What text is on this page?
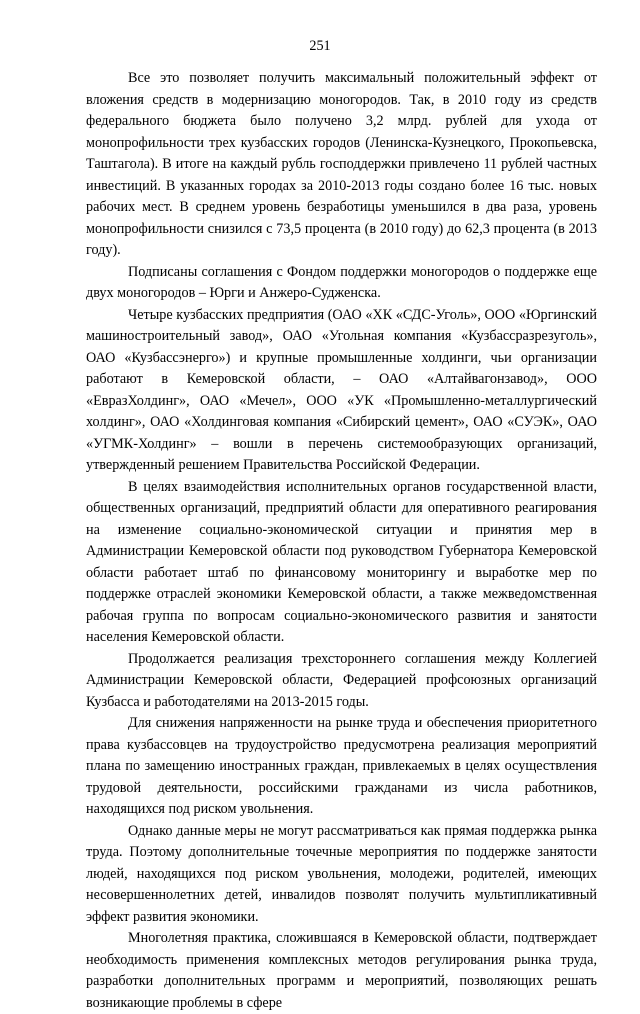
251

Все это позволяет получить максимальный положительный эффект от вложения средств в модернизацию моногородов. Так, в 2010 году из средств федерального бюджета было получено 3,2 млрд. рублей для ухода от монопрофильности трех кузбасских городов (Ленинска-Кузнецкого, Прокопьевска, Таштагола). В итоге на каждый рубль господдержки привлечено 11 рублей частных инвестиций. В указанных городах за 2010-2013 годы создано более 16 тыс. новых рабочих мест. В среднем уровень безработицы уменьшился в два раза, уровень монопрофильности снизился с 73,5 процента (в 2010 году) до 62,3 процента (в 2013 году).

Подписаны соглашения с Фондом поддержки моногородов о поддержке еще двух моногородов – Юрги и Анжеро-Судженска.

Четыре кузбасских предприятия (ОАО «ХК «СДС-Уголь», ООО «Юргинский машиностроительный завод», ОАО «Угольная компания «Кузбассразрезуголь», ОАО «Кузбассэнерго») и крупные промышленные холдинги, чьи организации работают в Кемеровской области, – ОАО «Алтайвагонзавод», ООО «ЕвразХолдинг», ОАО «Мечел», ООО «УК «Промышленно-металлургический холдинг», ОАО «Холдинговая компания «Сибирский цемент», ОАО «СУЭК», ОАО «УГМК-Холдинг» – вошли в перечень системообразующих организаций, утвержденный решением Правительства Российской Федерации.

В целях взаимодействия исполнительных органов государственной власти, общественных организаций, предприятий области для оперативного реагирования на изменение социально-экономической ситуации и принятия мер в Администрации Кемеровской области под руководством Губернатора Кемеровской области работает штаб по финансовому мониторингу и выработке мер по поддержке отраслей экономики Кемеровской области, а также межведомственная рабочая группа по вопросам социально-экономического развития и занятости населения Кемеровской области.

Продолжается реализация трехстороннего соглашения между Коллегией Администрации Кемеровской области, Федерацией профсоюзных организаций Кузбасса и работодателями на 2013-2015 годы.

Для снижения напряженности на рынке труда и обеспечения приоритетного права кузбассовцев на трудоустройство предусмотрена реализация мероприятий плана по замещению иностранных граждан, привлекаемых в целях осуществления трудовой деятельности, российскими гражданами из числа работников, находящихся под риском увольнения.

Однако данные меры не могут рассматриваться как прямая поддержка рынка труда. Поэтому дополнительные точечные мероприятия по поддержке занятости людей, находящихся под риском увольнения, молодежи, родителей, имеющих несовершеннолетних детей, инвалидов позволят получить мультипликативный эффект развития экономики.

Многолетняя практика, сложившаяся в Кемеровской области, подтверждает необходимость применения комплексных методов регулирования рынка труда, разработки дополнительных программ и мероприятий, позволяющих решать возникающие проблемы в сфере
